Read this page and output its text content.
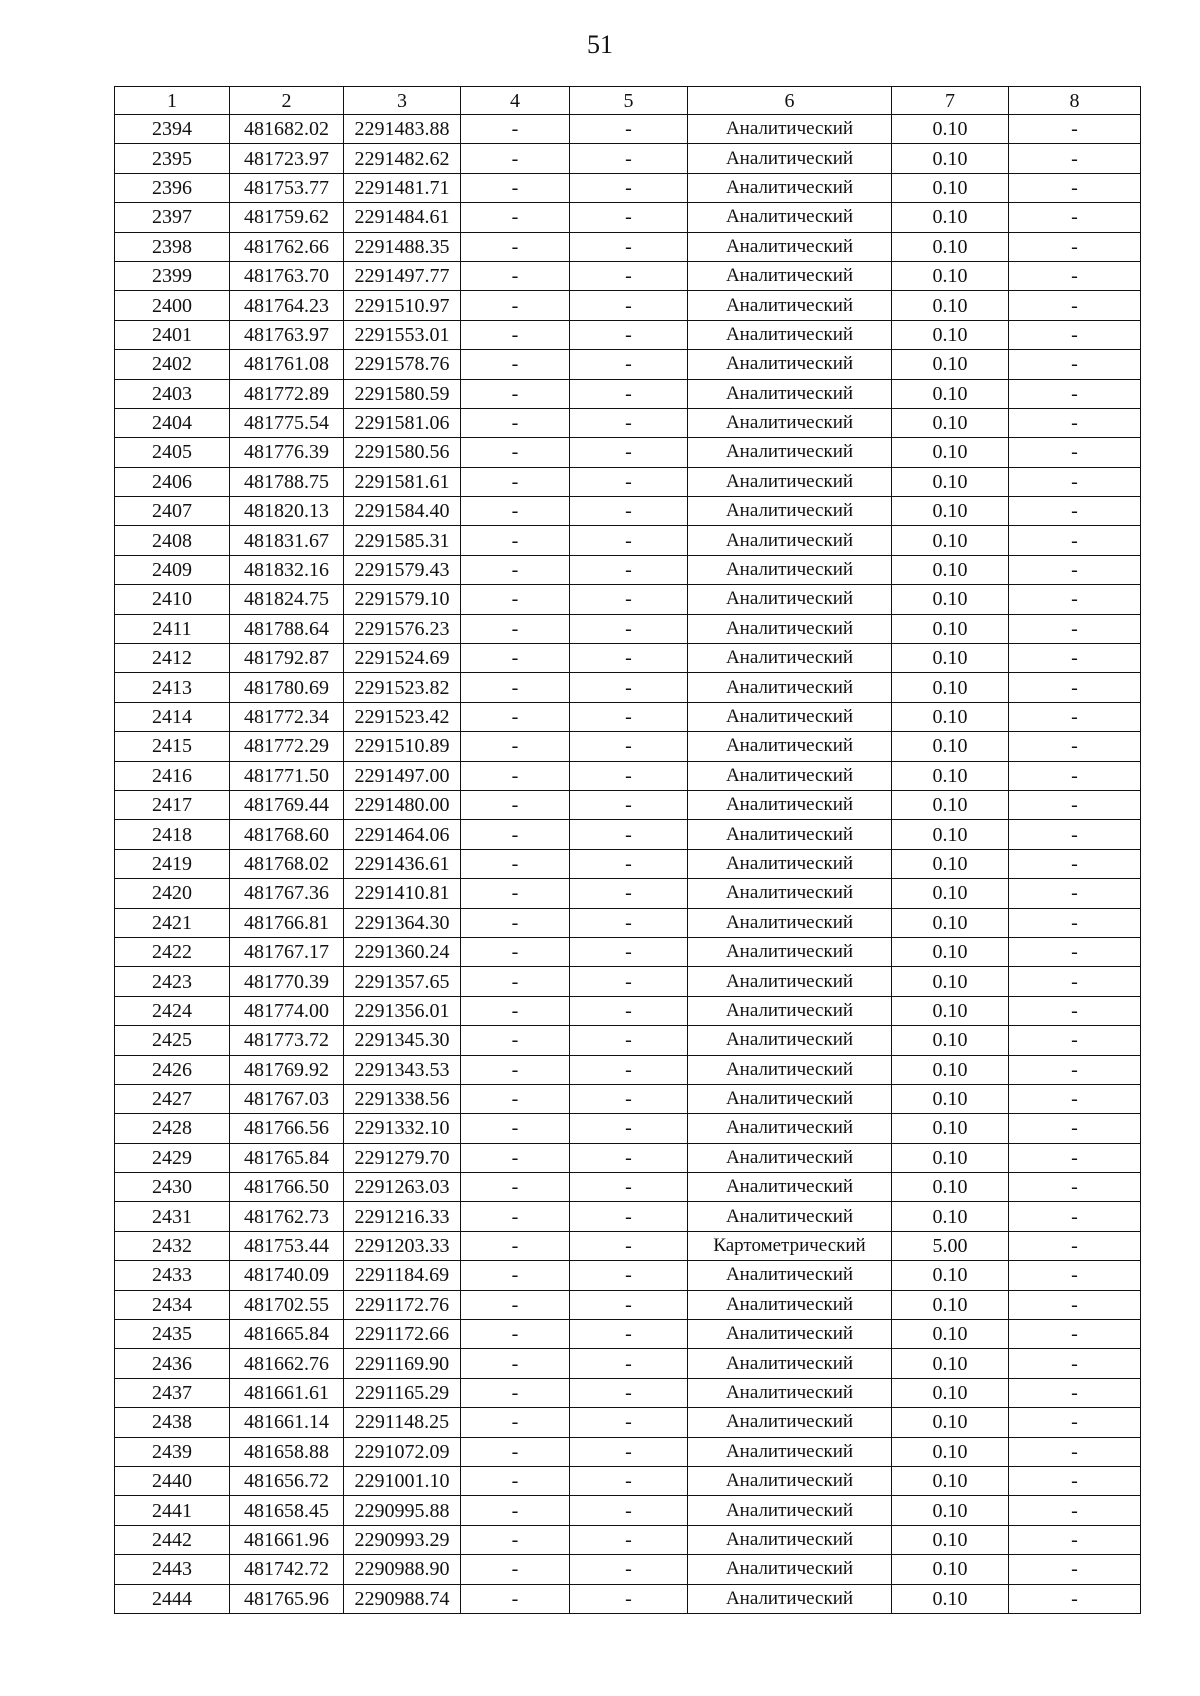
51
1	2	3	4	5	6	7	8
2394	481682.02	2291483.88	-	-	Аналитический	0.10	-
2395	481723.97	2291482.62	-	-	Аналитический	0.10	-
2396	481753.77	2291481.71	-	-	Аналитический	0.10	-
2397	481759.62	2291484.61	-	-	Аналитический	0.10	-
2398	481762.66	2291488.35	-	-	Аналитический	0.10	-
2399	481763.70	2291497.77	-	-	Аналитический	0.10	-
2400	481764.23	2291510.97	-	-	Аналитический	0.10	-
2401	481763.97	2291553.01	-	-	Аналитический	0.10	-
2402	481761.08	2291578.76	-	-	Аналитический	0.10	-
2403	481772.89	2291580.59	-	-	Аналитический	0.10	-
2404	481775.54	2291581.06	-	-	Аналитический	0.10	-
2405	481776.39	2291580.56	-	-	Аналитический	0.10	-
2406	481788.75	2291581.61	-	-	Аналитический	0.10	-
2407	481820.13	2291584.40	-	-	Аналитический	0.10	-
2408	481831.67	2291585.31	-	-	Аналитический	0.10	-
2409	481832.16	2291579.43	-	-	Аналитический	0.10	-
2410	481824.75	2291579.10	-	-	Аналитический	0.10	-
2411	481788.64	2291576.23	-	-	Аналитический	0.10	-
2412	481792.87	2291524.69	-	-	Аналитический	0.10	-
2413	481780.69	2291523.82	-	-	Аналитический	0.10	-
2414	481772.34	2291523.42	-	-	Аналитический	0.10	-
2415	481772.29	2291510.89	-	-	Аналитический	0.10	-
2416	481771.50	2291497.00	-	-	Аналитический	0.10	-
2417	481769.44	2291480.00	-	-	Аналитический	0.10	-
2418	481768.60	2291464.06	-	-	Аналитический	0.10	-
2419	481768.02	2291436.61	-	-	Аналитический	0.10	-
2420	481767.36	2291410.81	-	-	Аналитический	0.10	-
2421	481766.81	2291364.30	-	-	Аналитический	0.10	-
2422	481767.17	2291360.24	-	-	Аналитический	0.10	-
2423	481770.39	2291357.65	-	-	Аналитический	0.10	-
2424	481774.00	2291356.01	-	-	Аналитический	0.10	-
2425	481773.72	2291345.30	-	-	Аналитический	0.10	-
2426	481769.92	2291343.53	-	-	Аналитический	0.10	-
2427	481767.03	2291338.56	-	-	Аналитический	0.10	-
2428	481766.56	2291332.10	-	-	Аналитический	0.10	-
2429	481765.84	2291279.70	-	-	Аналитический	0.10	-
2430	481766.50	2291263.03	-	-	Аналитический	0.10	-
2431	481762.73	2291216.33	-	-	Аналитический	0.10	-
2432	481753.44	2291203.33	-	-	Картометрический	5.00	-
2433	481740.09	2291184.69	-	-	Аналитический	0.10	-
2434	481702.55	2291172.76	-	-	Аналитический	0.10	-
2435	481665.84	2291172.66	-	-	Аналитический	0.10	-
2436	481662.76	2291169.90	-	-	Аналитический	0.10	-
2437	481661.61	2291165.29	-	-	Аналитический	0.10	-
2438	481661.14	2291148.25	-	-	Аналитический	0.10	-
2439	481658.88	2291072.09	-	-	Аналитический	0.10	-
2440	481656.72	2291001.10	-	-	Аналитический	0.10	-
2441	481658.45	2290995.88	-	-	Аналитический	0.10	-
2442	481661.96	2290993.29	-	-	Аналитический	0.10	-
2443	481742.72	2290988.90	-	-	Аналитический	0.10	-
2444	481765.96	2290988.74	-	-	Аналитический	0.10	-
